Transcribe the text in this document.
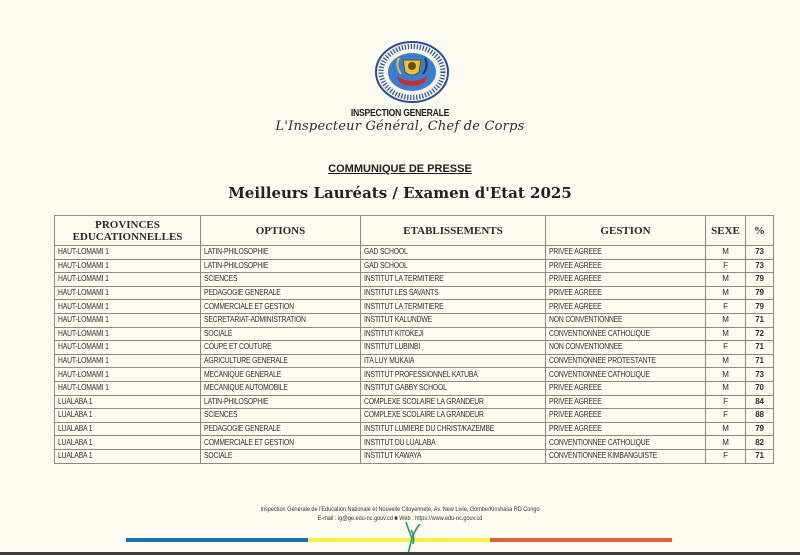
INSPECTION GENERALE
L'Inspecteur Général, Chef de Corps
COMMUNIQUE DE PRESSE
Meilleurs Lauréats / Examen d'Etat 2025
PROVINCES
EDUCATIONNELLES	OPTIONS	ETABLISSEMENTS	GESTION	SEXE	%
HAUT-LOMAMI 1	LATIN-PHILOSOPHIE	GAD SCHOOL	PRIVEE AGREEE	M	73
HAUT-LOMAMI 1	LATIN-PHILOSOPHIE	GAD SCHOOL	PRIVEE AGREEE	F	73
HAUT-LOMAMI 1	SCIENCES	INSTITUT LA TERMITIERE	PRIVEE AGREEE	M	79
HAUT-LOMAMI 1	PEDAGOGIE GENERALE	INSTITUT LES SAVANTS	PRIVEE AGREEE	M	79
HAUT-LOMAMI 1	COMMERCIALE ET GESTION	INSTITUT LA TERMITIERE	PRIVEE AGREEE	F	79
HAUT-LOMAMI 1	SECRETARIAT-ADMINISTRATION	INSTITUT KALUNDWE	NON CONVENTIONNEE	M	71
HAUT-LOMAMI 1	SOCIALE	INSTITUT KITOKEJI	CONVENTIONNEE CATHOLIQUE	M	72
HAUT-LOMAMI 1	COUPE ET COUTURE	INSTITUT LUBINBI	NON CONVENTIONNEE	F	71
HAUT-LOMAMI 1	AGRICULTURE GENERALE	ITA LUY MUKAIA	CONVENTIONNEE PROTESTANTE	M	71
HAUT-LOMAMI 1	MECANIQUE GENERALE	INSTITUT PROFESSIONNEL KATUBA	CONVENTIONNEE CATHOLIQUE	M	73
HAUT-LOMAMI 1	MECANIQUE AUTOMOBILE	INSTITUT GABBY SCHOOL	PRIVEE AGREEE	M	70
LUALABA 1	LATIN-PHILOSOPHIE	COMPLEXE SCOLAIRE LA GRANDEUR	PRIVEE AGREEE	F	84
LUALABA 1	SCIENCES	COMPLEXE SCOLAIRE LA GRANDEUR	PRIVEE AGREEE	F	88
LUALABA 1	PEDAGOGIE GENERALE	INSTITUT LUMIERE DU CHRIST/KAZEMBE	PRIVEE AGREEE	M	79
LUALABA 1	COMMERCIALE ET GESTION	INSTITUT DU LUALABA	CONVENTIONNEE CATHOLIQUE	M	82
LUALABA 1	SOCIALE	INSTITUT KAWAYA	CONVENTIONNEE KIMBANGUISTE	F	71
Inspection Générale de l'Education Nationale et Nouvelle Citoyenneté, Av. New Livie, Gombe/Kinshasa RD Congo
E-mail : ig@ge.edu-nc.gouv.cd ■ Web : https://www.edu-nc.gouv.cd
